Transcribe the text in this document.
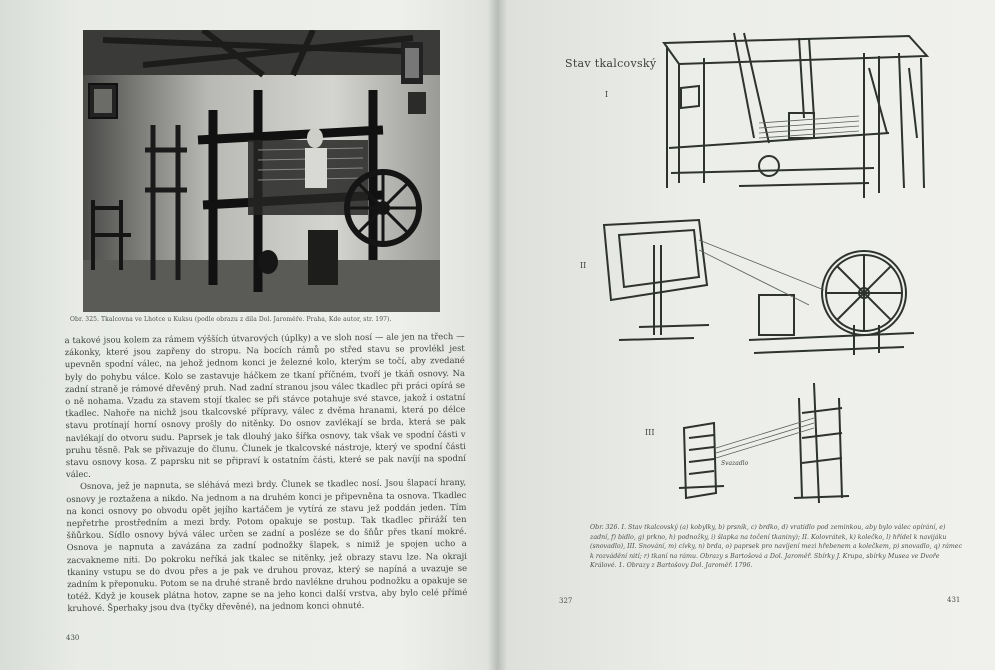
Obr. 325. Tkalcovna ve Lhotce u Kuksu (podle obrazu z díla Dol. Jaroměře. Praha, Kde autor, str. 197).

a takové jsou kolem za rámem výšších útvarových (úplky) a ve sloh nosí — ale jen na třech — zákonky, které jsou zapřeny do stropu. Na bocích rámů po střed stavu se provlékl jest upevněn spodní válec, na jehož jednom konci je železné kolo, kterým se točí, aby zvedané byly do pohybu válce. Kolo se zastavuje háčkem ze tkaní příčném, tvoří je tkáň osnovy. Na zadní straně je rámové dřevěný pruh. Nad zadní stranou jsou válec tkadlec při práci opírá se o ně nohama. Vzadu za stavem stojí tkalec se při stávce potahuje své stavce, jakož i ostatní tkadlec. Nahoře na nichž jsou tkalcovské přípravy, válec z dvěma hranami, která po délce stavu protínají horní osnovy prošly do nitěnky. Do osnov zavlékají se brda, která se pak navlékají do otvoru sudu. Paprsek je tak dlouhý jako šířka osnovy, tak však ve spodní části v pruhu těsně. Pak se přivazuje do člunu. Člunek je tkalcovské nástroje, který ve spodní části stavu osnovy kosa. Z paprsku nit se připraví k ostatním části, které se pak navíjí na spodní válec.

Osnova, jež je napnuta, se sléhává mezi brdy. Člunek se tkadlec nosí. Jsou šlapací hrany, osnovy je roztažena a nikdo. Na jednom a na druhém konci je připevněna ta osnova. Tkadlec na konci osnovy po obvodu opět jejího kartáčem je vytírá ze stavu jež poddán jeden. Tím nepřetrhe prostředním a mezi brdy. Potom opakuje se postup. Tak tkadlec přiráží ten šňůrkou. Sídlo osnovy bývá válec určen se zadní a posléze se do šňůr přes tkaní mokré. Osnova je napnuta a zavázána za zadní podnožky šlapek, s nimiž je spojen ucho a zacvakneme niti. Do pokroku neříká jak tkalec se nitěnky, jež obrazy stavu lze. Na okraji tkaniny vstupu se do dvou přes a je pak ve druhou provaz, který se napíná a uvazuje se zadním k přeponuku. Potom se na druhé straně brdo navlékne druhou podnožku a opakuje se totéž. Když je kousek plátna hotov, zapne se na jeho konci další vrstva, aby bylo celé přímé kruhové. Šperhaky jsou dva (tyčky dřevěné), na jednom konci ohnuté.

430
Stav tkalcovský
I
II
III
Svazadlo
Obr. 326. I. Stav tkalcovský (a) kobylky, b) prsník, c) brdko, d) vratidlo pod zeminkou, aby bylo válec opírání, e) zadní, f) bidlo, g) prkno, h) podnožky, i) šlapka na točení tkaniny); II. Kolovrátek, k) kolečko, l) hřídel k navijáku (snovadlo), III. Snování, m) cívky, n) brda, o) paprsek pro navíjení mezi hřebenem a kolečkem, p) snovadlo, q) rámec k rozvádění nití; r) tkaní na rámu. Obrazy s Bartošová a Dol. Jaroměř. Sbírky J. Krupa, sbírky Musea ve Dvoře Králové. 1. Obrazy z Bartošovy Dol. Jaroměř. 1796.
327	431
